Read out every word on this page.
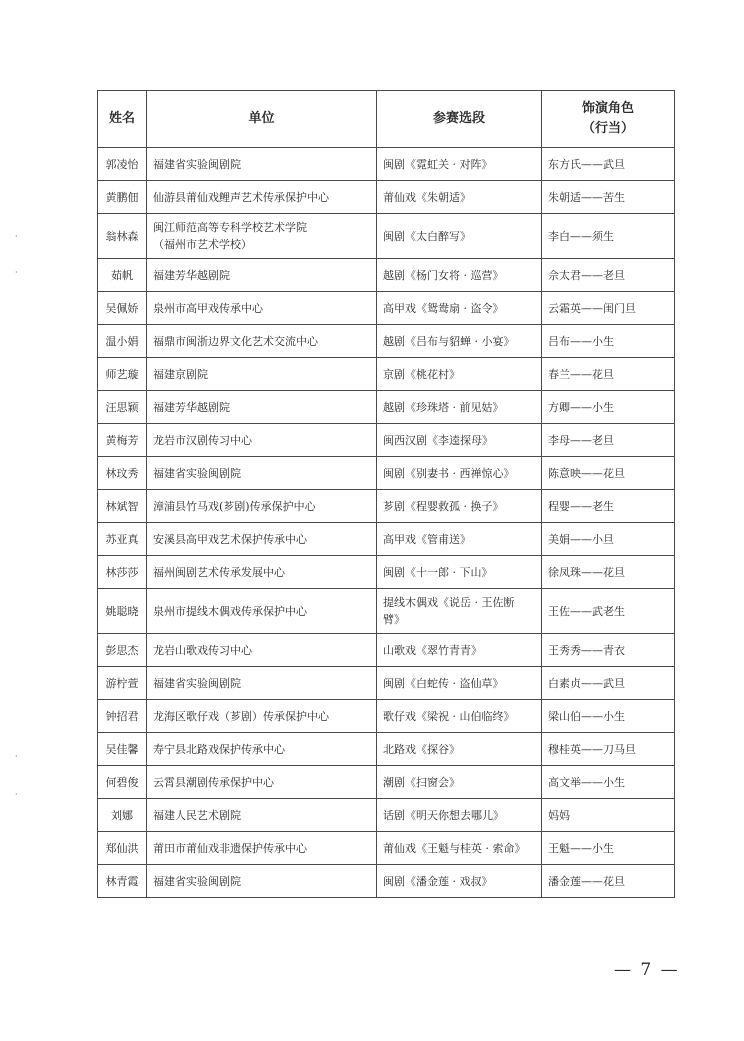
·
·
·
·
姓名	单位	参赛选段	饰演角色
（行当）

郭凌怡	福建省实验闽剧院	闽剧《霓虹关 · 对阵》	东方氏——武旦
黄鹏佃	仙游县莆仙戏鲤声艺术传承保护中心	莆仙戏《朱朝适》	朱朝适——苦生
翁林森	闽江师范高等专科学校艺术学院
（福州市艺术学校）	闽剧《太白醉写》	李白——须生
茹帆	福建芳华越剧院	越剧《杨门女将 · 巡营》	佘太君——老旦
吴佩娇	泉州市高甲戏传承中心	高甲戏《鸳鸯扇 · 盗令》	云霜英——闺门旦
温小娟	福鼎市闽浙边界文化艺术交流中心	越剧《吕布与貂蝉 · 小宴》	吕布——小生
师艺璇	福建京剧院	京剧《桃花村》	春兰——花旦
汪思颖	福建芳华越剧院	越剧《珍珠塔 · 前见姑》	方卿——小生
黄梅芳	龙岩市汉剧传习中心	闽西汉剧《李逵探母》	李母——老旦
林玟秀	福建省实验闽剧院	闽剧《别妻书 · 西禅惊心》	陈意映——花旦
林斌智	漳浦县竹马戏(芗剧)传承保护中心	芗剧《程婴救孤 · 换子》	程婴——老生
苏亚真	安溪县高甲戏艺术保护传承中心	高甲戏《管甫送》	美娟——小旦
林莎莎	福州闽剧艺术传承发展中心	闽剧《十一郎 · 下山》	徐凤珠——花旦
姚聪晓	泉州市提线木偶戏传承保护中心	提线木偶戏《说岳 · 王佐断
臂》	王佐——武老生
彭思杰	龙岩山歌戏传习中心	山歌戏《翠竹青青》	王秀秀——青衣
游柠萱	福建省实验闽剧院	闽剧《白蛇传 · 盗仙草》	白素贞——武旦
钟招君	龙海区歌仔戏（芗剧）传承保护中心	歌仔戏《梁祝 · 山伯临终》	梁山伯——小生
吴佳馨	寿宁县北路戏保护传承中心	北路戏《探谷》	穆桂英——刀马旦
何碧俊	云霄县潮剧传承保护中心	潮剧《扫窗会》	高文举——小生
刘娜	福建人民艺术剧院	话剧《明天你想去哪儿》	妈妈
郑仙洪	莆田市莆仙戏非遗保护传承中心	莆仙戏《王魁与桂英 · 索命》	王魁——小生
林青霞	福建省实验闽剧院	闽剧《潘金莲 · 戏叔》	潘金莲——花旦
— 7 —
